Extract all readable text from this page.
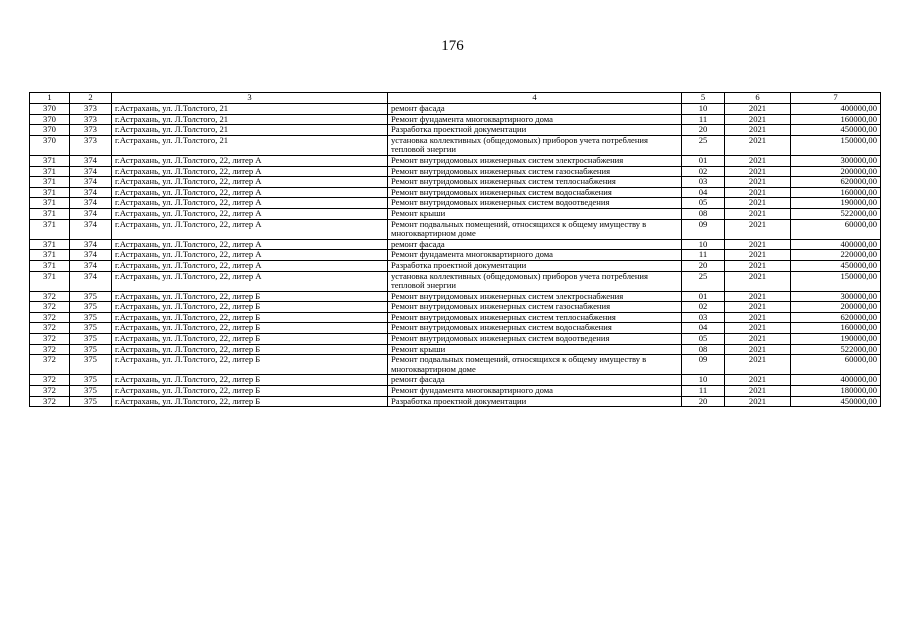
176
1	2	3	4	5	6	7
370	373	г.Астрахань, ул. Л.Толстого, 21	ремонт фасада	10	2021	400000,00
370	373	г.Астрахань, ул. Л.Толстого, 21	Ремонт фундамента многоквартирного дома	11	2021	160000,00
370	373	г.Астрахань, ул. Л.Толстого, 21	Разработка проектной документации	20	2021	450000,00
370	373	г.Астрахань, ул. Л.Толстого, 21	установка коллективных (общедомовых) приборов учета потребления тепловой энергии	25	2021	150000,00
371	374	г.Астрахань, ул. Л.Толстого, 22, литер А	Ремонт внутридомовых инженерных систем электроснабжения	01	2021	300000,00
371	374	г.Астрахань, ул. Л.Толстого, 22, литер А	Ремонт внутридомовых инженерных систем газоснабжения	02	2021	200000,00
371	374	г.Астрахань, ул. Л.Толстого, 22, литер А	Ремонт внутридомовых инженерных систем теплоснабжения	03	2021	620000,00
371	374	г.Астрахань, ул. Л.Толстого, 22, литер А	Ремонт внутридомовых инженерных систем водоснабжения	04	2021	160000,00
371	374	г.Астрахань, ул. Л.Толстого, 22, литер А	Ремонт внутридомовых инженерных систем водоотведения	05	2021	190000,00
371	374	г.Астрахань, ул. Л.Толстого, 22, литер А	Ремонт крыши	08	2021	522000,00
371	374	г.Астрахань, ул. Л.Толстого, 22, литер А	Ремонт подвальных помещений, относящихся к общему имуществу в многоквартирном доме	09	2021	60000,00
371	374	г.Астрахань, ул. Л.Толстого, 22, литер А	ремонт фасада	10	2021	400000,00
371	374	г.Астрахань, ул. Л.Толстого, 22, литер А	Ремонт фундамента многоквартирного дома	11	2021	220000,00
371	374	г.Астрахань, ул. Л.Толстого, 22, литер А	Разработка проектной документации	20	2021	450000,00
371	374	г.Астрахань, ул. Л.Толстого, 22, литер А	установка коллективных (общедомовых) приборов учета потребления тепловой энергии	25	2021	150000,00
372	375	г.Астрахань, ул. Л.Толстого, 22, литер Б	Ремонт внутридомовых инженерных систем электроснабжения	01	2021	300000,00
372	375	г.Астрахань, ул. Л.Толстого, 22, литер Б	Ремонт внутридомовых инженерных систем газоснабжения	02	2021	200000,00
372	375	г.Астрахань, ул. Л.Толстого, 22, литер Б	Ремонт внутридомовых инженерных систем теплоснабжения	03	2021	620000,00
372	375	г.Астрахань, ул. Л.Толстого, 22, литер Б	Ремонт внутридомовых инженерных систем водоснабжения	04	2021	160000,00
372	375	г.Астрахань, ул. Л.Толстого, 22, литер Б	Ремонт внутридомовых инженерных систем водоотведения	05	2021	190000,00
372	375	г.Астрахань, ул. Л.Толстого, 22, литер Б	Ремонт крыши	08	2021	522000,00
372	375	г.Астрахань, ул. Л.Толстого, 22, литер Б	Ремонт подвальных помещений, относящихся к общему имуществу в многоквартирном доме	09	2021	60000,00
372	375	г.Астрахань, ул. Л.Толстого, 22, литер Б	ремонт фасада	10	2021	400000,00
372	375	г.Астрахань, ул. Л.Толстого, 22, литер Б	Ремонт фундамента многоквартирного дома	11	2021	180000,00
372	375	г.Астрахань, ул. Л.Толстого, 22, литер Б	Разработка проектной документации	20	2021	450000,00
